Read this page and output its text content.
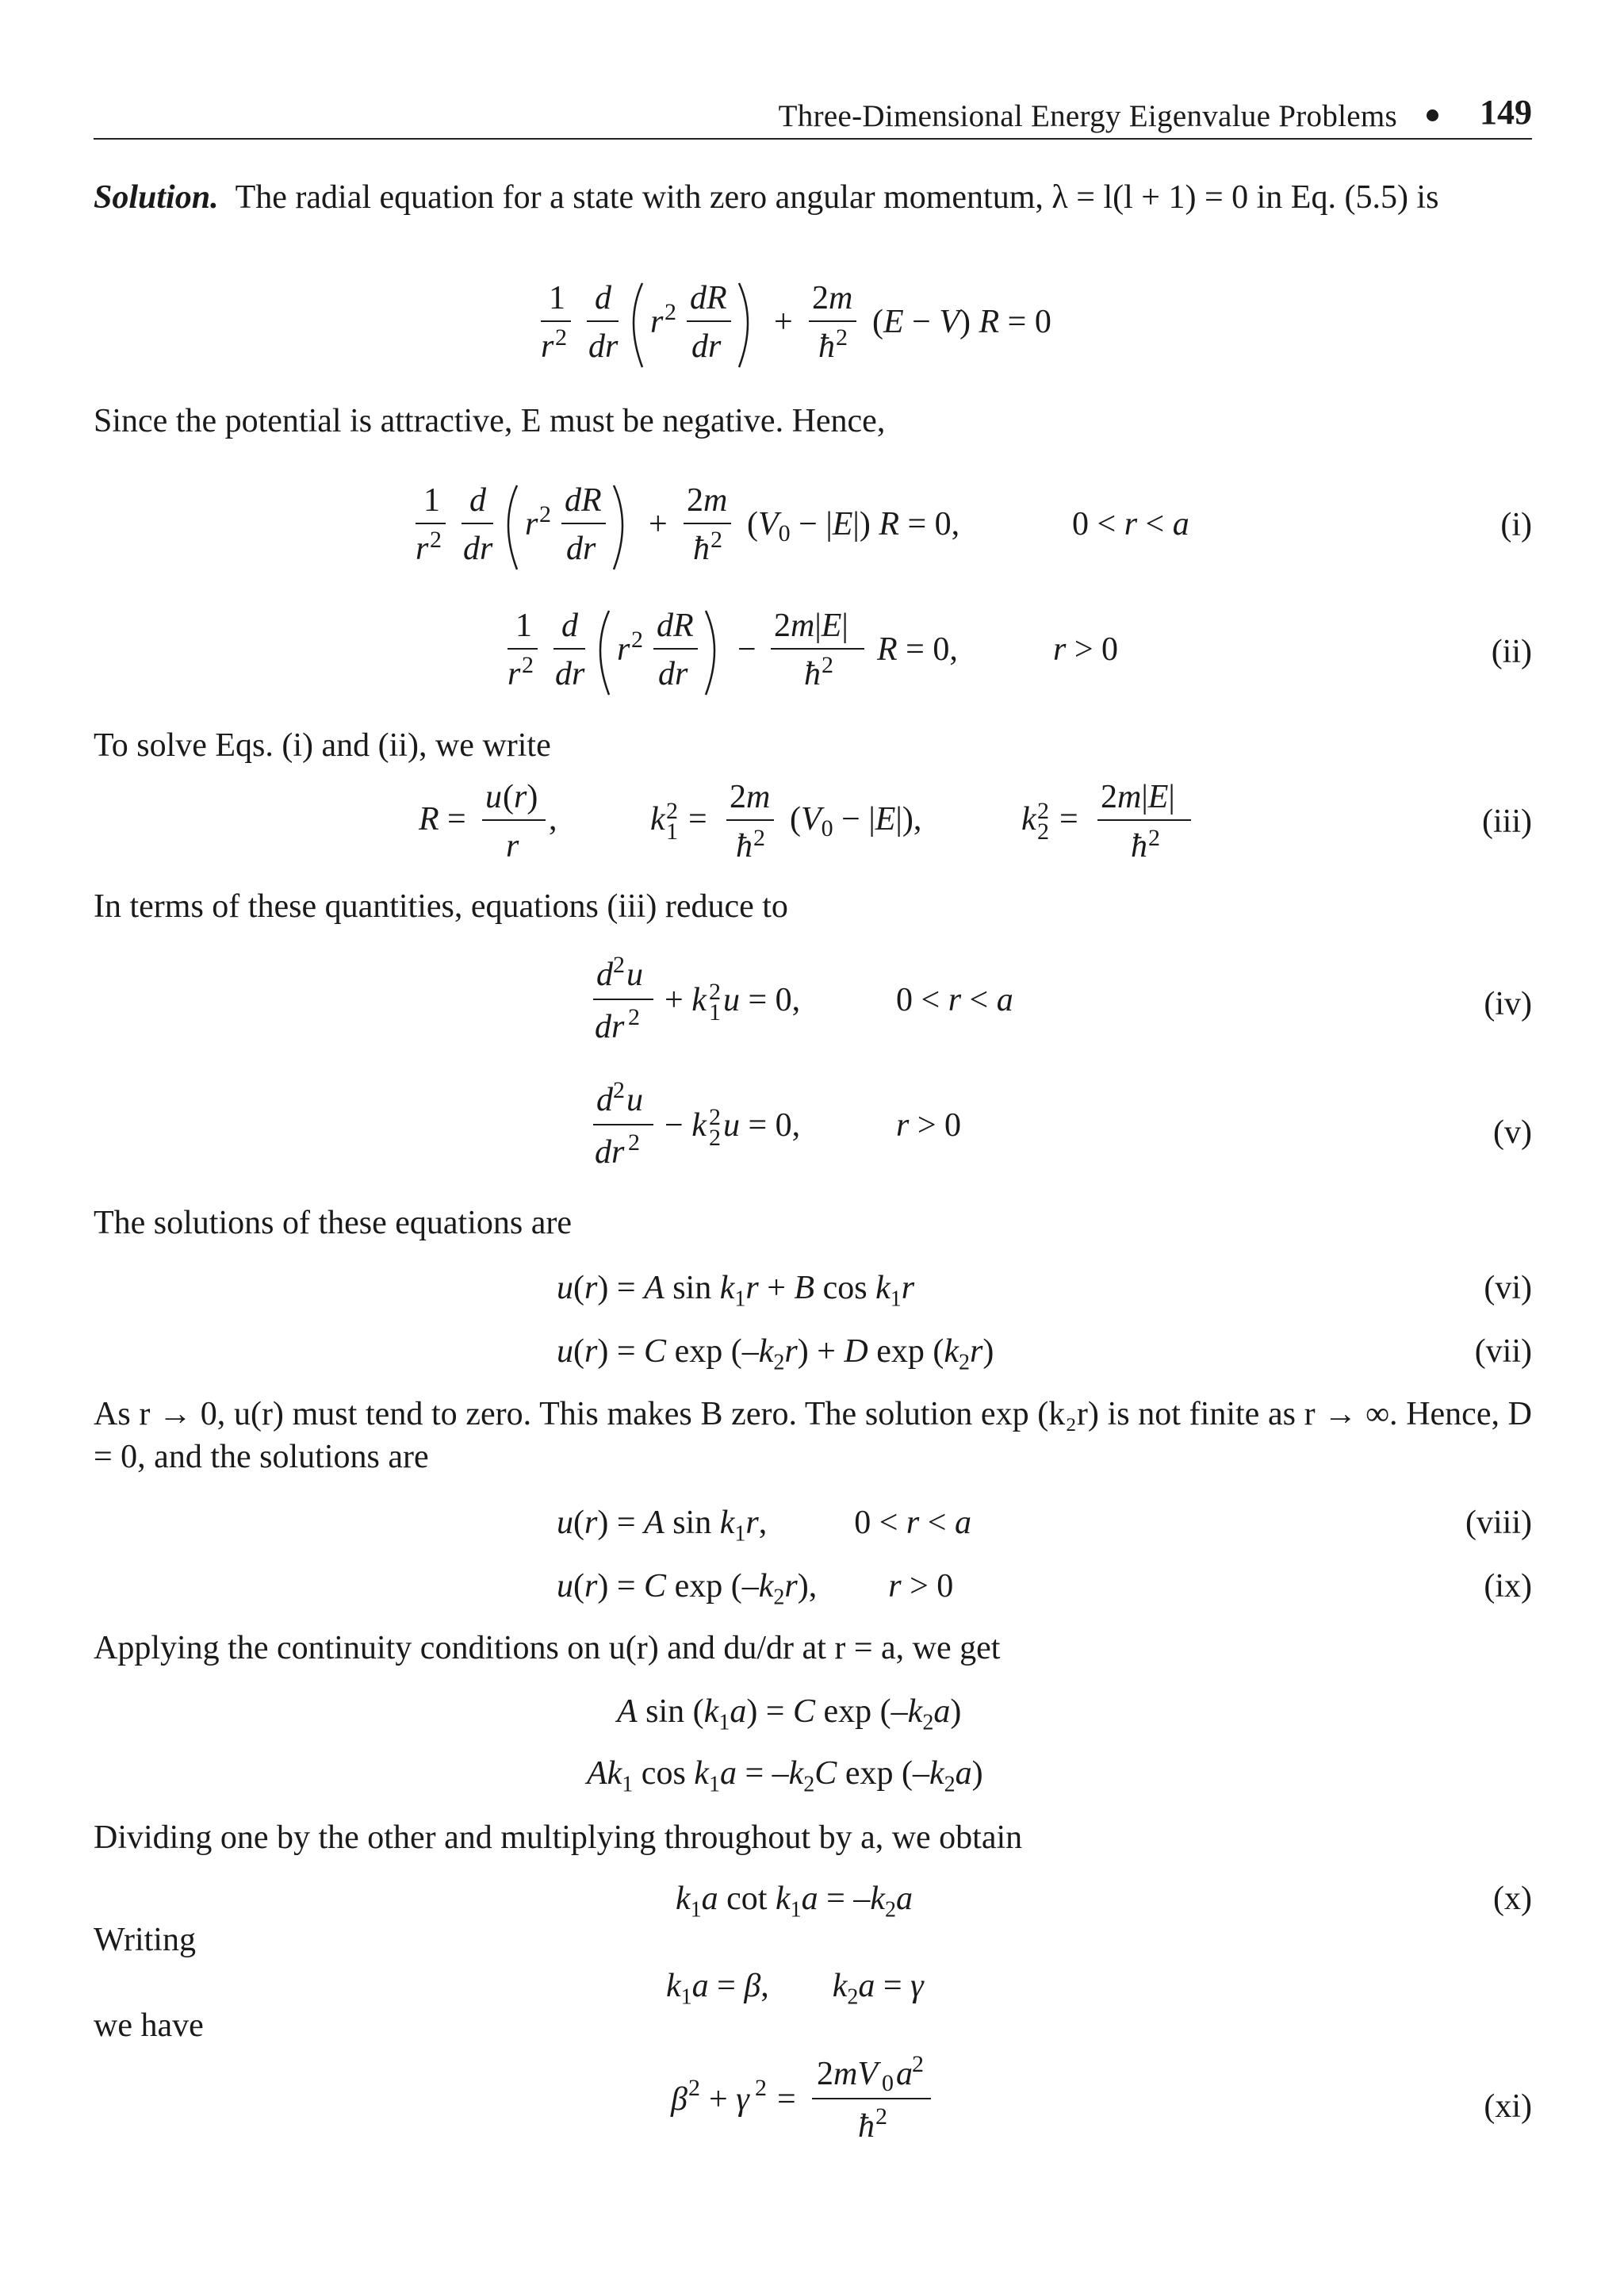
Three-Dimensional Energy Eigenvalue Problems 149
Solution. The radial equation for a state with zero angular momentum, λ = l(l + 1) = 0 in Eq. (5.5) is
1
r 2
d
dr
r 2 dR
dr
+
2m
ħ 2 (E − V) R = 0
Since the potential is attractive, E must be negative. Hence,
1
r 2
d
dr
r 2 dR
dr
+
2m
ħ 2 (V0 − |E|) R = 0,	0 < r < a	(i)
1
r 2
d
dr
r 2 dR
dr
−
2m|E|
ħ 2 R = 0,	r > 0	(ii)
To solve Eqs. (i) and (ii), we write
R =
u (r)
r
,	k 2
1 =
2m
ħ 2
(V0 − |E|),	k 2
2 =
2m|E|
ħ 2	(iii)
In terms of these quantities, equations (iii) reduce to
d 2 u
dr 2 + k 2
1 u = 0,	0 < r < a	(iv)
d 2 u
dr 2 − k 2
2 u = 0,	r > 0	(v)
The solutions of these equations are
u(r) = A $\sin k_1r + B$ $\cos k_1r$	(vi)
u(r) = C $\exp (-k_2r) + D$ $\exp (k_2r)$	(vii)
As r → 0, u(r) must tend to zero. This makes B zero. The solution exp (k₂r) is not finite as r → ∞. Hence, D = 0, and the solutions are
u(r) = A $\sin k_1r$,	0 < r < a	(viii)
u(r) = C $\exp (-k_2r)$, r > 0	(ix)
Applying the continuity conditions on u(r) and du/dr at r = a, we get
A $\sin (k_1a) = C$ $\exp (-k_2a)$
$Ak_1$ $\cos k_1a = -k_2C$ $\exp (-k_2a)$
Dividing one by the other and multiplying throughout by a, we obtain
$k_1a$ $\cot k_1a = -k_2a$	(x)
Writing
$k_1a = \beta$, $k_2a = \gamma$
we have
β 2 + γ 2 =
2mV 0 a 2
ħ 2	(xi)
